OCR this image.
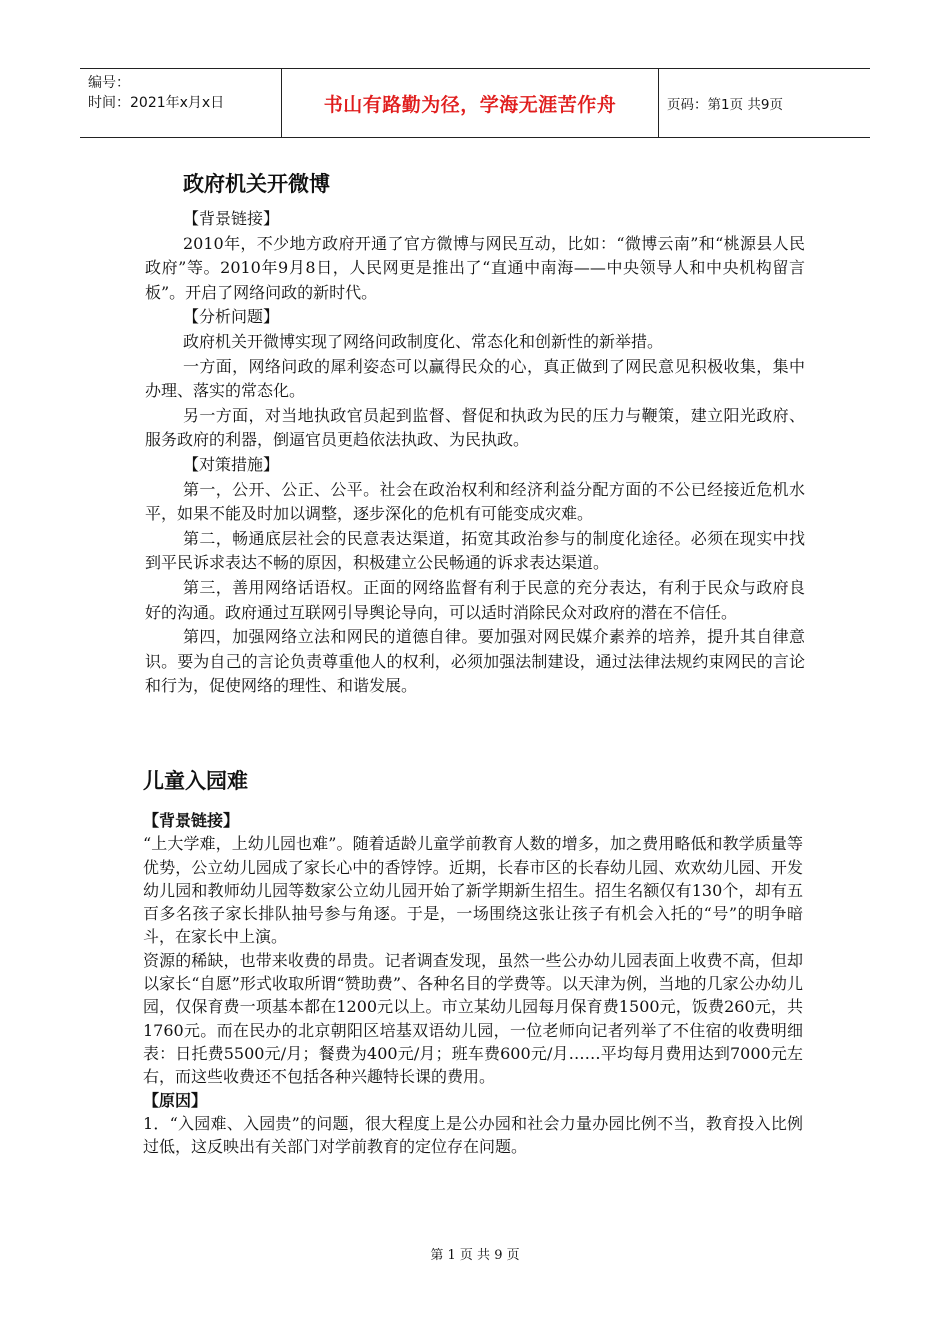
编号：
时间：2021年x月x日	书山有路勤为径，学海无涯苦作舟	页码：第1页 共9页
政府机关开微博

【背景链接】

2010年，不少地方政府开通了官方微博与网民互动，比如：“微博云南”和“桃源县人民政府”等。2010年9月8日，人民网更是推出了“直通中南海——中央领导人和中央机构留言板”。开启了网络问政的新时代。

【分析问题】

政府机关开微博实现了网络问政制度化、常态化和创新性的新举措。

一方面，网络问政的犀利姿态可以赢得民众的心，真正做到了网民意见积极收集，集中办理、落实的常态化。

另一方面，对当地执政官员起到监督、督促和执政为民的压力与鞭策，建立阳光政府、服务政府的利器，倒逼官员更趋依法执政、为民执政。

【对策措施】

第一，公开、公正、公平。社会在政治权利和经济利益分配方面的不公已经接近危机水平，如果不能及时加以调整，逐步深化的危机有可能变成灾难。

第二，畅通底层社会的民意表达渠道，拓宽其政治参与的制度化途径。必须在现实中找到平民诉求表达不畅的原因，积极建立公民畅通的诉求表达渠道。

第三，善用网络话语权。正面的网络监督有利于民意的充分表达，有利于民众与政府良好的沟通。政府通过互联网引导舆论导向，可以适时消除民众对政府的潜在不信任。

第四，加强网络立法和网民的道德自律。要加强对网民媒介素养的培养，提升其自律意识。要为自己的言论负责尊重他人的权利，必须加强法制建设，通过法律法规约束网民的言论和行为，促使网络的理性、和谐发展。

儿童入园难

【背景链接】

“上大学难，上幼儿园也难”。随着适龄儿童学前教育人数的增多，加之费用略低和教学质量等优势，公立幼儿园成了家长心中的香饽饽。近期，长春市区的长春幼儿园、欢欢幼儿园、开发幼儿园和教师幼儿园等数家公立幼儿园开始了新学期新生招生。招生名额仅有130个，却有五百多名孩子家长排队抽号参与角逐。于是，一场围绕这张让孩子有机会入托的“号”的明争暗斗，在家长中上演。

资源的稀缺，也带来收费的昂贵。记者调查发现，虽然一些公办幼儿园表面上收费不高，但却以家长“自愿”形式收取所谓“赞助费”、各种名目的学费等。以天津为例，当地的几家公办幼儿园，仅保育费一项基本都在1200元以上。市立某幼儿园每月保育费1500元，饭费260元，共1760元。而在民办的北京朝阳区培基双语幼儿园，一位老师向记者列举了不住宿的收费明细表：日托费5500元/月；餐费为400元/月；班车费600元/月……平均每月费用达到7000元左右，而这些收费还不包括各种兴趣特长课的费用。

【原因】

1．“入园难、入园贵”的问题，很大程度上是公办园和社会力量办园比例不当，教育投入比例过低，这反映出有关部门对学前教育的定位存在问题。

第 1 页 共 9 页
